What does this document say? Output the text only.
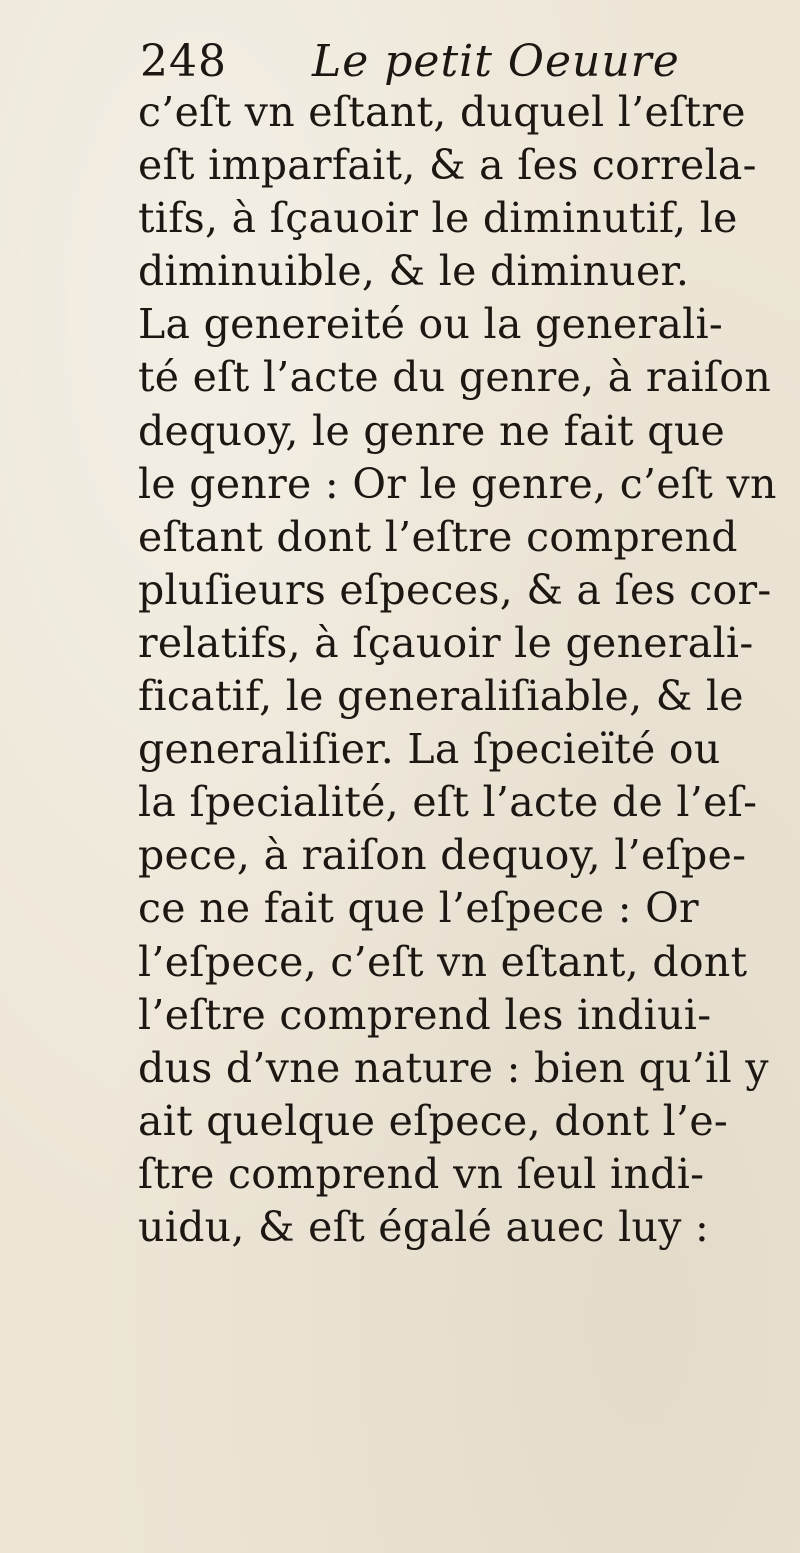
248 Le petit Oeuure
c’eſt vn eſtant, duquel l’eſtre
eſt imparfait, & a ſes correla-
tifs, à ſçauoir le diminutif, le
diminuible, & le diminuer.
La genereité ou la generali-
té eſt l’acte du genre, à raiſon
dequoy, le genre ne fait que
le genre : Or le genre, c’eſt vn
eſtant dont l’eſtre comprend
pluſieurs eſpeces, & a ſes cor-
relatifs, à ſçauoir le generali-
ficatif, le generaliſiable, & le
generaliſier. La ſpecieïté ou
la ſpecialité, eſt l’acte de l’eſ-
pece, à raiſon dequoy, l’eſpe-
ce ne fait que l’eſpece : Or
l’eſpece, c’eſt vn eſtant, dont
l’eſtre comprend les indiui-
dus d’vne nature : bien qu’il y
ait quelque eſpece, dont l’e-
ſtre comprend vn ſeul indi-
uidu, & eſt égalé auec luy :
